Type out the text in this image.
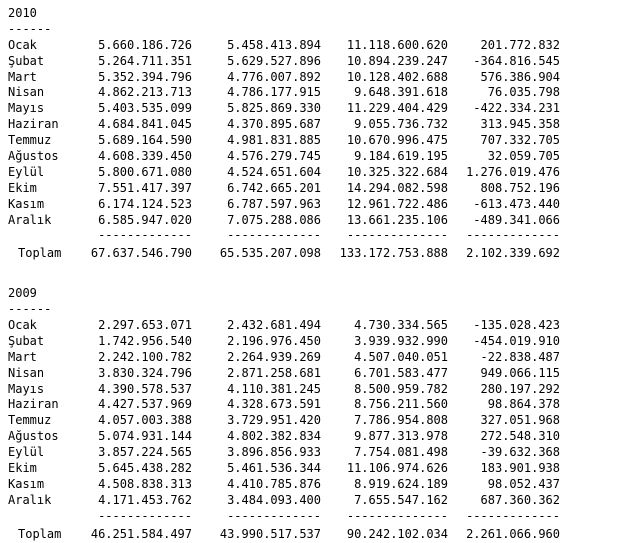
2010
------
Ocak	5.660.186.726	5.458.413.894 11.118.600.620	201.772.832
Şubat	5.264.711.351	5.629.527.896 10.894.239.247 -364.816.545
Mart	5.352.394.796	4.776.007.892 10.128.402.688	576.386.904
Nisan	4.862.213.713	4.786.177.915	9.648.391.618	76.035.798
Mayıs	5.403.535.099	5.825.869.330 11.229.404.429 -422.334.231
Haziran	4.684.841.045	4.370.895.687	9.055.736.732	313.945.358
Temmuz	5.689.164.590	4.981.831.885 10.670.996.475	707.332.705
Ağustos	4.608.339.450	4.576.279.745	9.184.619.195	32.059.705
Eylül	5.800.671.080	4.524.651.604 10.325.322.684 1.276.019.476
Ekim	7.551.417.397	6.742.665.201 14.294.082.598	808.752.196
Kasım	6.174.124.523	6.787.597.963 12.961.722.486 -613.473.440
Aralık	6.585.947.020	7.075.288.086 13.661.235.106 -489.341.066
-------------	------------- -------------- -------------
Toplam 67.637.546.790 65.535.207.098 133.172.753.888 2.102.339.692
2009
------
Ocak	2.297.653.071	2.432.681.494	4.730.334.565 -135.028.423
Şubat	1.742.956.540	2.196.976.450	3.939.932.990 -454.019.910
Mart	2.242.100.782	2.264.939.269	4.507.040.051	-22.838.487
Nisan	3.830.324.796	2.871.258.681	6.701.583.477	949.066.115
Mayıs	4.390.578.537	4.110.381.245	8.500.959.782	280.197.292
Haziran	4.427.537.969	4.328.673.591	8.756.211.560	98.864.378
Temmuz	4.057.003.388	3.729.951.420	7.786.954.808	327.051.968
Ağustos	5.074.931.144	4.802.382.834	9.877.313.978	272.548.310
Eylül	3.857.224.565	3.896.856.933	7.754.081.498	-39.632.368
Ekim	5.645.438.282	5.461.536.344 11.106.974.626	183.901.938
Kasım	4.508.838.313	4.410.785.876	8.919.624.189	98.052.437
Aralık	4.171.453.762	3.484.093.400	7.655.547.162	687.360.362
-------------	------------- -------------- -------------
Toplam 46.251.584.497 43.990.517.537 90.242.102.034 2.261.066.960
